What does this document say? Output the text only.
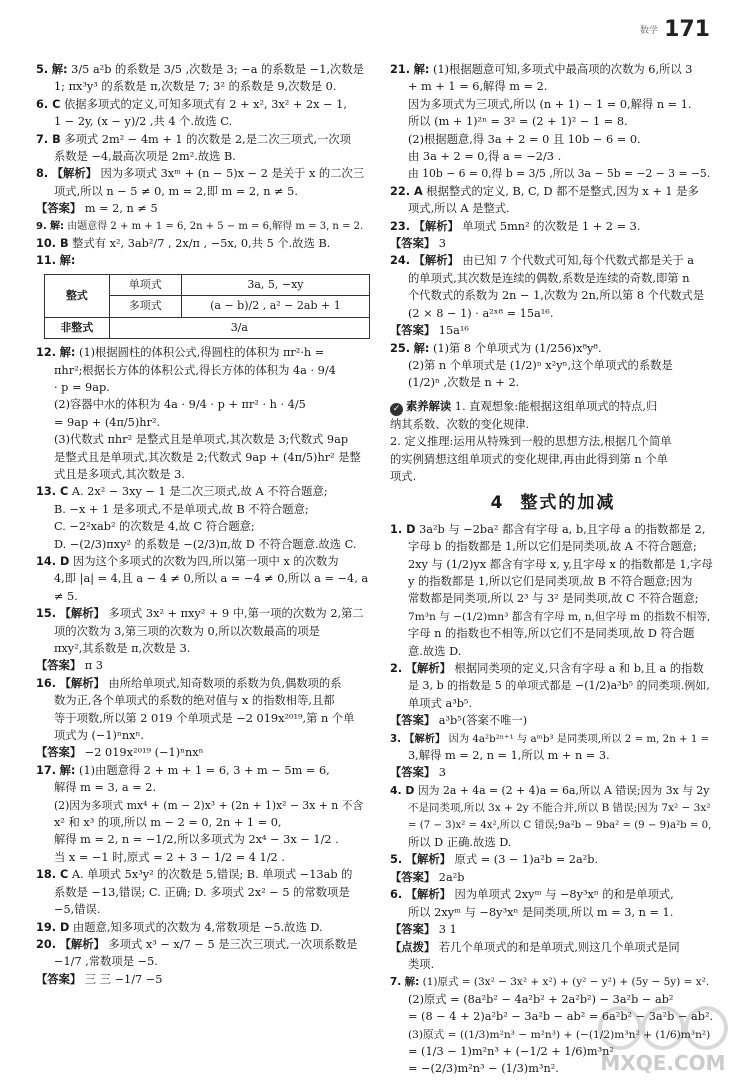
数学 171
5. 解: 3/5 a²b 的系数是 3/5 ,次数是 3; −a 的系数是 −1,次数是
1; πx³y³ 的系数是 π,次数是 7; 3² 的系数是 9,次数是 0.
6. C 依据多项式的定义,可知多项式有 2 + x², 3x² + 2x − 1,
1 − 2y, (x − y)/2 ,共 4 个.故选 C.
7. B 多项式 2m² − 4m + 1 的次数是 2,是二次三项式,一次项
系数是 −4,最高次项是 2m².故选 B.
8. 【解析】 因为多项式 3xᵐ + (n − 5)x − 2 是关于 x 的二次三
项式,所以 n − 5 ≠ 0, m = 2,即 m = 2, n ≠ 5.
【答案】 m = 2, n ≠ 5
9. 解: 由题意得 2 + m + 1 = 6, 2n + 5 − m = 6,解得 m = 3, n = 2.
10. B 整式有 x², 3ab²/7 , 2x/π , −5x, 0,共 5 个.故选 B.
11. 解:
整式	单项式	3a, 5, −xy
	多项式	(a − b)/2 , a² − 2ab + 1
非整式	3/a	
12. 解: (1)根据圆柱的体积公式,得圆柱的体积为 πr²·h =
πhr²;根据长方体的体积公式,得长方体的体积为 4a · 9/4
· p = 9ap.
(2)容器中水的体积为 4a · 9/4 · p + πr² · h · 4/5
= 9ap + (4π/5)hr².
(3)代数式 πhr² 是整式且是单项式,其次数是 3;代数式 9ap
是整式且是单项式,其次数是 2;代数式 9ap + (4π/5)hr² 是整
式且是多项式,其次数是 3.
13. C A. 2x² − 3xy − 1 是二次三项式,故 A 不符合题意;
B. −x + 1 是多项式,不是单项式,故 B 不符合题意;
C. −2²xab² 的次数是 4,故 C 符合题意;
D. −(2/3)πxy² 的系数是 −(2/3)π,故 D 不符合题意.故选 C.
14. D 因为这个多项式的次数为四,所以第一项中 x 的次数为
4,即 |a| = 4,且 a − 4 ≠ 0,所以 a = −4 ≠ 0,所以 a = −4, a
≠ 5.
15. 【解析】 多项式 3x² + πxy² + 9 中,第一项的次数为 2,第二
项的次数为 3,第三项的次数为 0,所以次数最高的项是
πxy²,其系数是 π,次数是 3.
【答案】 π 3
16. 【解析】 由所给单项式,知奇数项的系数为负,偶数项的系
数为正,各个单项式的系数的绝对值与 x 的指数相等,且都
等于项数,所以第 2 019 个单项式是 −2 019x²⁰¹⁹,第 n 个单
项式为 (−1)ⁿnxⁿ.
【答案】 −2 019x²⁰¹⁹ (−1)ⁿnxⁿ
17. 解: (1)由题意得 2 + m + 1 = 6, 3 + m − 5m = 6,
解得 m = 3, a = 2.
(2)因为多项式 mx⁴ + (m − 2)x³ + (2n + 1)x² − 3x + n 不含
x² 和 x³ 的项,所以 m − 2 = 0, 2n + 1 = 0,
解得 m = 2, n = −1/2,所以多项式为 2x⁴ − 3x − 1/2 .
当 x = −1 时,原式 = 2 + 3 − 1/2 = 4 1/2 .
18. C A. 单项式 5x³y² 的次数是 5,错误; B. 单项式 −13ab 的
系数是 −13,错误; C. 正确; D. 多项式 2x² − 5 的常数项是
−5,错误.
19. D 由题意,知多项式的次数为 4,常数项是 −5.故选 D.
20. 【解析】 多项式 x³ − x/7 − 5 是三次三项式,一次项系数是
−1/7 ,常数项是 −5.
【答案】 三 三 −1/7 −5
21. 解: (1)根据题意可知,多项式中最高项的次数为 6,所以 3
+ m + 1 = 6,解得 m = 2.
因为多项式为三项式,所以 (n + 1) − 1 = 0,解得 n = 1.
所以 (m + 1)²ⁿ = 3² = (2 + 1)² − 1 = 8.
(2)根据题意,得 3a + 2 = 0 且 10b − 6 = 0.
由 3a + 2 = 0,得 a = −2/3 .
由 10b − 6 = 0,得 b = 3/5 ,所以 3a − 5b = −2 − 3 = −5.
22. A 根据整式的定义, B, C, D 都不是整式,因为 x + 1 是多
项式,所以 A 是整式.
23. 【解析】 单项式 5mn² 的次数是 1 + 2 = 3.
【答案】 3
24. 【解析】 由已知 7 个代数式可知,每个代数式都是关于 a
的单项式,其次数是连续的偶数,系数是连续的奇数,即第 n
个代数式的系数为 2n − 1,次数为 2n,所以第 8 个代数式是
(2 × 8 − 1) · a²ˣ⁸ = 15a¹⁶.
【答案】 15a¹⁶
25. 解: (1)第 8 个单项式为 (1/256)x⁸y⁸.
(2)第 n 个单项式是 (1/2)ⁿ x²yⁿ,这个单项式的系数是
(1/2)ⁿ ,次数是 n + 2.
✓ 素养解读 1. 直观想象:能根据这组单项式的特点,归
纳其系数、次数的变化规律.
2. 定义推理:运用从特殊到一般的思想方法,根据几个简单
的实例猜想这组单项式的变化规律,再由此得到第 n 个单
项式.
4 整式的加减
1. D 3a²b 与 −2ba² 都含有字母 a, b,且字母 a 的指数都是 2,
字母 b 的指数都是 1,所以它们是同类项,故 A 不符合题意;
2xy 与 (1/2)yx 都含有字母 x, y,且字母 x 的指数都是 1,字母
y 的指数都是 1,所以它们是同类项,故 B 不符合题意;因为
常数都是同类项,所以 2³ 与 3² 是同类项,故 C 不符合题意;
7m³n 与 −(1/2)mn³ 都含有字母 m, n,但字母 m 的指数不相等,
字母 n 的指数也不相等,所以它们不是同类项,故 D 符合题
意.故选 D.
2. 【解析】 根据同类项的定义,只含有字母 a 和 b,且 a 的指数
是 3, b 的指数是 5 的单项式都是 −(1/2)a³b⁵ 的同类项.例如,
单项式 a³b⁵.
【答案】 a³b⁵(答案不唯一)
3. 【解析】 因为 4a²b²ⁿ⁺¹ 与 aᵐb³ 是同类项,所以 2 = m, 2n + 1 =
3,解得 m = 2, n = 1,所以 m + n = 3.
【答案】 3
4. D 因为 2a + 4a = (2 + 4)a = 6a,所以 A 错误;因为 3x 与 2y
不是同类项,所以 3x + 2y 不能合并,所以 B 错误;因为 7x² − 3x²
= (7 − 3)x² = 4x²,所以 C 错误;9a²b − 9ba² = (9 − 9)a²b = 0,
所以 D 正确.故选 D.
5. 【解析】 原式 = (3 − 1)a²b = 2a²b.
【答案】 2a²b
6. 【解析】 因为单项式 2xyᵐ 与 −8y³xⁿ 的和是单项式,
所以 2xyᵐ 与 −8y³xⁿ 是同类项,所以 m = 3, n = 1.
【答案】 3 1
【点拨】 若几个单项式的和是单项式,则这几个单项式是同
类项.
7. 解: (1)原式 = (3x² − 3x² + x²) + (y² − y²) + (5y − 5y) = x².
(2)原式 = (8a²b² − 4a²b² + 2a²b²) − 3a²b − ab²
= (8 − 4 + 2)a²b² − 3a²b − ab² = 6a²b² − 3a²b − ab².
(3)原式 = ((1/3)m²n³ − m²n³) + (−(1/2)m³n² + (1/6)m³n²)
= (1/3 − 1)m²n³ + (−1/2 + 1/6)m³n²
= −(2/3)m²n³ − (1/3)m³n².	MXQE.COM
